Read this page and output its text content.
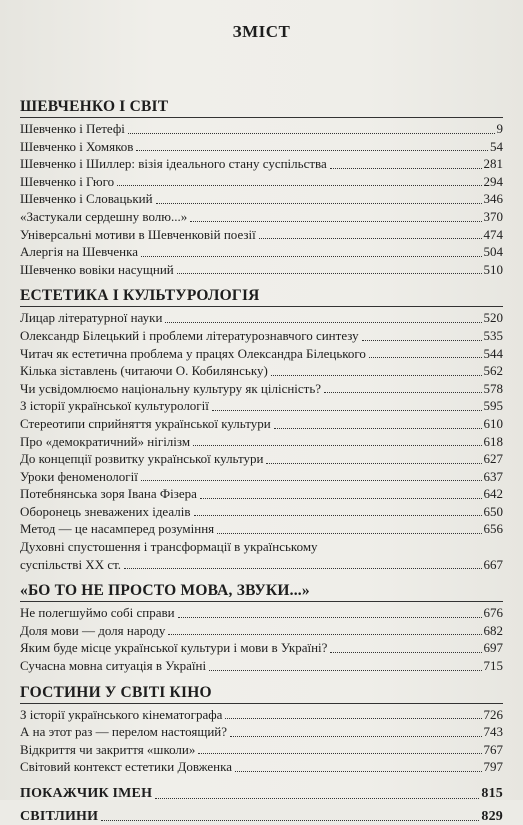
ЗМІСТ
ШЕВЧЕНКО І СВІТ
Шевченко і Петефі	9
Шевченко і Хомяков	54
Шевченко і Шиллер: візія ідеального стану суспільства	281
Шевченко і Гюго	294
Шевченко і Словацький	346
«Застукали сердешну волю...»	370
Універсальні мотиви в Шевченковій поезії	474
Алергія на Шевченка	504
Шевченко вовіки насущний	510
ЕСТЕТИКА І КУЛЬТУРОЛОГІЯ
Лицар літературної науки	520
Олександр Білецький і проблеми літературознавчого синтезу	535
Читач як естетична проблема у працях Олександра Білецького	544
Кілька зіставлень (читаючи О. Кобилянську)	562
Чи усвідомлюємо національну культуру як цілісність?	578
З історії української культурології	595
Стереотипи сприйняття української культури	610
Про «демократичний» нігілізм	618
До концепції розвитку української культури	627
Уроки феноменології	637
Потебнянська зоря Івана Фізера	642
Оборонець зневажених ідеалів	650
Метод — це насамперед розуміння	656
Духовні спустошення і трансформації в українському
суспільстві XX ст.	667
«БО ТО НЕ ПРОСТО МОВА, ЗВУКИ...»
Не полегшуймо собі справи	676
Доля мови — доля народу	682
Яким буде місце української культури і мови в Україні?	697
Сучасна мовна ситуація в Україні	715
ГОСТИНИ У СВІТІ КІНО
З історії українського кінематографа	726
А на этот раз — перелом настоящий?	743
Відкриття чи закриття «школи»	767
Світовий контекст естетики Довженка	797
ПОКАЖЧИК ІМЕН	815
СВІТЛИНИ	829
